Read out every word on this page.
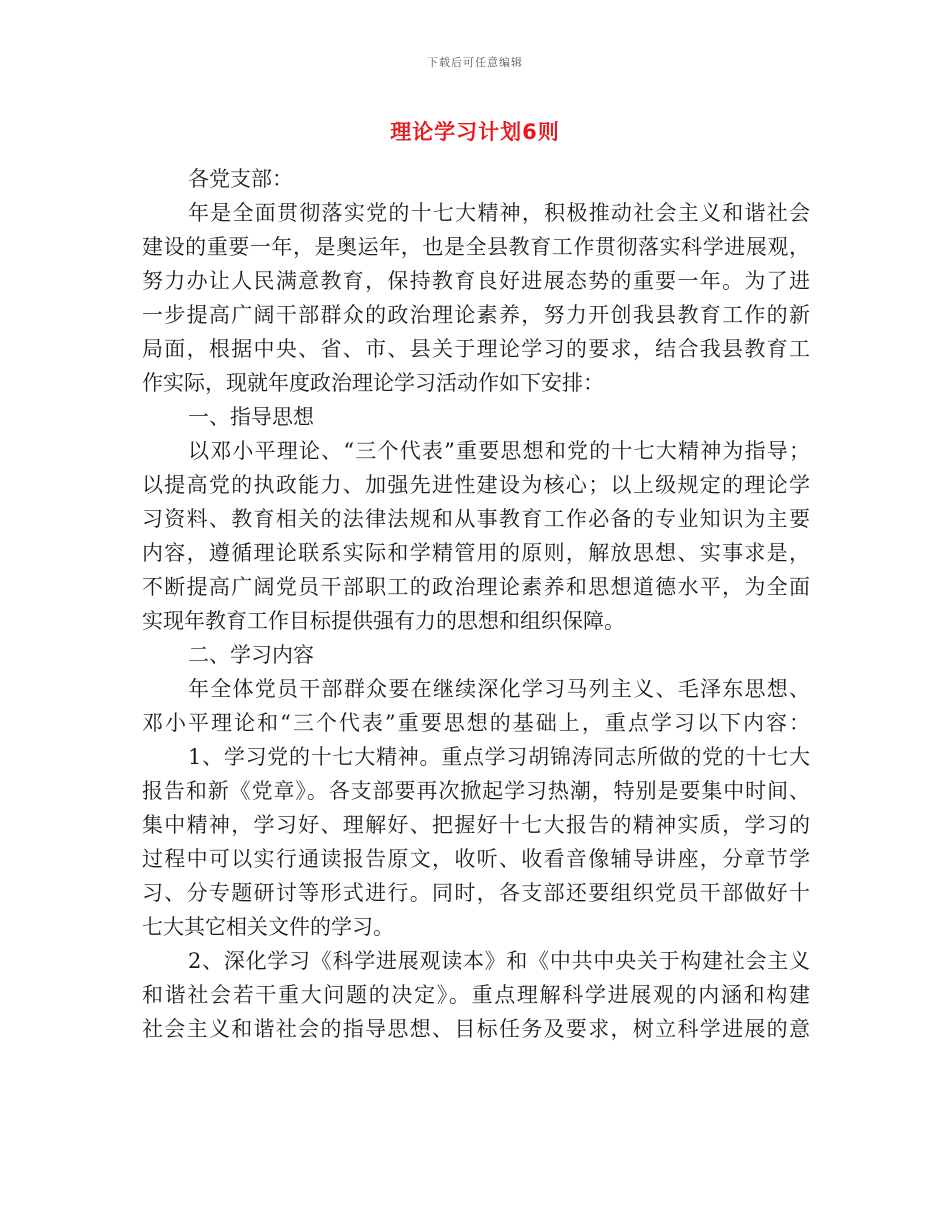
下载后可任意编辑
理论学习计划6则
各党支部：
年是全面贯彻落实党的十七大精神，积极推动社会主义和谐社会
建设的重要一年，是奥运年，也是全县教育工作贯彻落实科学进展观，
努力办让人民满意教育，保持教育良好进展态势的重要一年。为了进
一步提高广阔干部群众的政治理论素养，努力开创我县教育工作的新
局面，根据中央、省、市、县关于理论学习的要求，结合我县教育工
作实际，现就年度政治理论学习活动作如下安排：
一、指导思想
以邓小平理论、“三个代表”重要思想和党的十七大精神为指导；
以提高党的执政能力、加强先进性建设为核心；以上级规定的理论学
习资料、教育相关的法律法规和从事教育工作必备的专业知识为主要
内容，遵循理论联系实际和学精管用的原则，解放思想、实事求是，
不断提高广阔党员干部职工的政治理论素养和思想道德水平，为全面
实现年教育工作目标提供强有力的思想和组织保障。
二、学习内容
年全体党员干部群众要在继续深化学习马列主义、毛泽东思想、
邓小平理论和“三个代表”重要思想的基础上，重点学习以下内容：
1、学习党的十七大精神。重点学习胡锦涛同志所做的党的十七大
报告和新《党章》。各支部要再次掀起学习热潮，特别是要集中时间、
集中精神，学习好、理解好、把握好十七大报告的精神实质，学习的
过程中可以实行通读报告原文，收听、收看音像辅导讲座，分章节学
习、分专题研讨等形式进行。同时，各支部还要组织党员干部做好十
七大其它相关文件的学习。
2、深化学习《科学进展观读本》和《中共中央关于构建社会主义
和谐社会若干重大问题的决定》。重点理解科学进展观的内涵和构建
社会主义和谐社会的指导思想、目标任务及要求，树立科学进展的意
